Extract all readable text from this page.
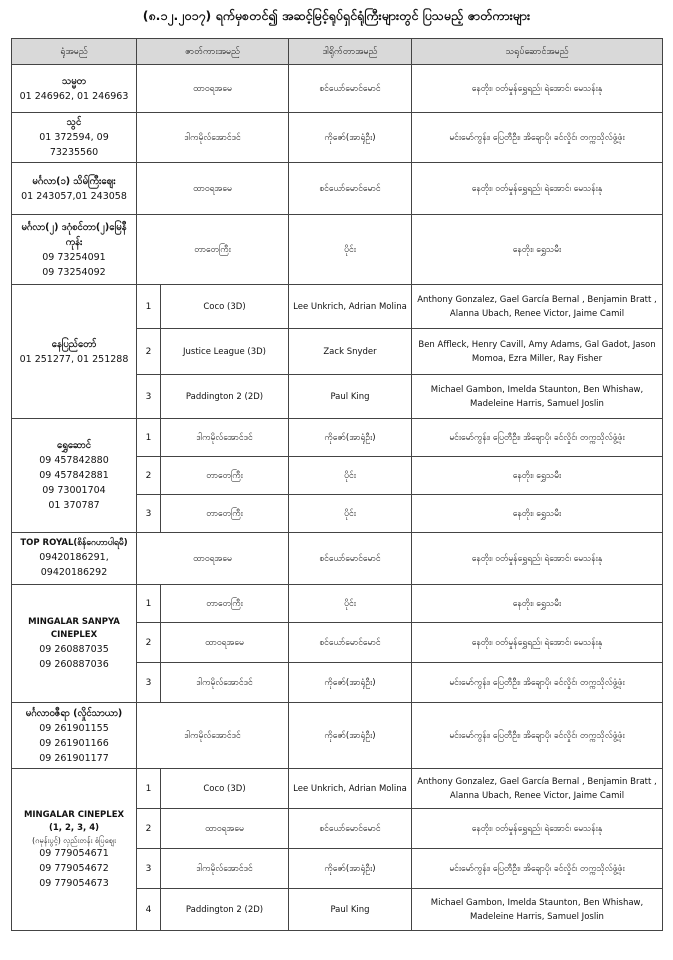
(၈.၁၂.၂၀၁၇) ရက်မှစတင်၍ အဆင့်မြင့်ရုပ်ရှင်ရုံကြီးများတွင် ပြသမည့် ဇာတ်ကားများ
ရုံအမည်	ဇာတ်ကားအမည်		ဒါရိုက်တာအမည်	သရုပ်ဆောင်အမည်

သမ္မတ
01 246962, 01 246963	ထာဝရအမေ		စင်ယော်မောင်မောင်	နေတိုး၊ ဝတ်မှုန်ရွှေရည်၊ ရဲအောင်၊ မေသန်းနု

သွင်
01 372594, 09 73235560	ဒါကမိုလ်အောင်ဒင်		ကိုဇော်(အာရုံဦး)	မင်းမော်ကွန်း၊ ပြေတီဦး၊ အိချောပို၊ ခင်လှိုင်၊ တက္ကသိုလ်ဖွံ့ဖုံး

မင်္ဂလာ(၁) သိမ်ကြီးဈေး
01 243057,01 243058	ထာဝရအမေ		စင်ယော်မောင်မောင်	နေတိုး၊ ဝတ်မှုန်ရွှေရည်၊ ရဲအောင်၊ မေသန်းနု

မင်္ဂလာ(၂) ဒဂုံစင်တာ(၂)မြေနီကုန်း
09 73254091
09 73254092	တာတေကြီး		ပိုင်း	နေတိုး၊ ရွှေသမီး

နေပြည်တော်
01 251277, 01 251288	1	Coco (3D)	Lee Unkrich, Adrian Molina	Anthony Gonzalez, Gael García Bernal , Benjamin Bratt , Alanna Ubach, Renee Victor, Jaime Camil
	2	Justice League (3D)	Zack Snyder	Ben Affleck, Henry Cavill, Amy Adams, Gal Gadot, Jason Momoa, Ezra Miller, Ray Fisher
	3	Paddington 2 (2D)	Paul King	Michael Gambon, Imelda Staunton, Ben Whishaw, Madeleine Harris, Samuel Joslin

ရွှေဆောင်
09 457842880
09 457842881
09 73001704
01 370787	1	ဒါကမိုလ်အောင်ဒင်	ကိုဇော်(အာရုံဦး)	မင်းမော်ကွန်း၊ ပြေတီဦး၊ အိချောပို၊ ခင်လှိုင်၊ တက္ကသိုလ်ဖွံ့ဖုံး
	2	တာတေကြီး	ပိုင်း	နေတိုး၊ ရွှေသမီး
	3	တာတေကြီး	ပိုင်း	နေတိုး၊ ရွှေသမီး

TOP ROYAL(စိန်ဂေဟာပါရမီ)
09420186291, 09420186292	ထာဝရအမေ		စင်ယော်မောင်မောင်	နေတိုး၊ ဝတ်မှုန်ရွှေရည်၊ ရဲအောင်၊ မေသန်းနု

MINGALAR SANPYA CINEPLEX
09 260887035
09 260887036	1	တာတေကြီး	ပိုင်း	နေတိုး၊ ရွှေသမီး
	2	ထာဝရအမေ	စင်ယော်မောင်မောင်	နေတိုး၊ ဝတ်မှုန်ရွှေရည်၊ ရဲအောင်၊ မေသန်းနု
	3	ဒါကမိုလ်အောင်ဒင်	ကိုဇော်(အာရုံဦး)	မင်းမော်ကွန်း၊ ပြေတီဦး၊ အိချောပို၊ ခင်လှိုင်၊ တက္ကသိုလ်ဖွံ့ဖုံး

မင်္ဂလာဝဇီရာ (လှိုင်သာယာ)
09 261901155
09 261901166
09 261901177	ဒါကမိုလ်အောင်ဒင်		ကိုဇော်(အာရုံဦး)	မင်းမော်ကွန်း၊ ပြေတီဦး၊ အိချောပို၊ ခင်လှိုင်၊ တက္ကသိုလ်ဖွံ့ဖုံး

MINGALAR CINEPLEX (1, 2, 3, 4)
(ဂမုန်းပွင့်) လှည်းတန်း စံပြဈေး
09 779054671
09 779054672
09 779054673	1	Coco (3D)	Lee Unkrich, Adrian Molina	Anthony Gonzalez, Gael García Bernal , Benjamin Bratt , Alanna Ubach, Renee Victor, Jaime Camil
	2	ထာဝရအမေ	စင်ယော်မောင်မောင်	နေတိုး၊ ဝတ်မှုန်ရွှေရည်၊ ရဲအောင်၊ မေသန်းနု
	3	ဒါကမိုလ်အောင်ဒင်	ကိုဇော်(အာရုံဦး)	မင်းမော်ကွန်း၊ ပြေတီဦး၊ အိချောပို၊ ခင်လှိုင်၊ တက္ကသိုလ်ဖွံ့ဖုံး
	4	Paddington 2 (2D)	Paul King	Michael Gambon, Imelda Staunton, Ben Whishaw, Madeleine Harris, Samuel Joslin
